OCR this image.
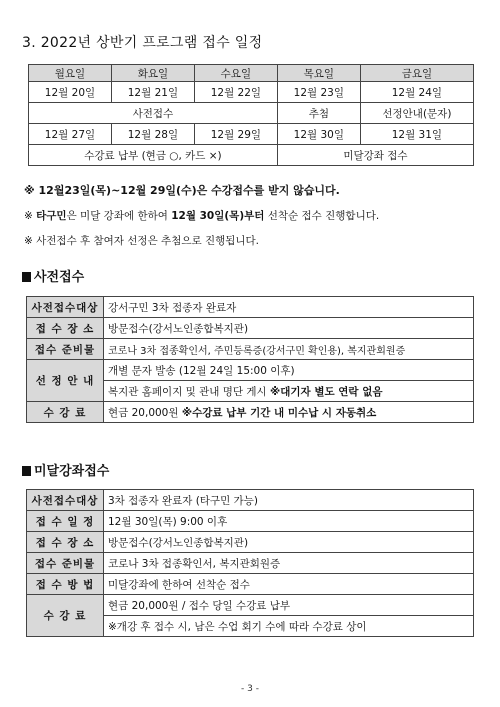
3. 2022년 상반기 프로그램 접수 일정
월요일	화요일	수요일	목요일	금요일
12월 20일	12월 21일	12월 22일	12월 23일	12월 24일
사전접수			추첨	선정안내(문자)
12월 27일	12월 28일	12월 29일	12월 30일	12월 31일
수강료 납부 (현금 ○, 카드 ×)			미달강좌 접수	
※ 12월23일(목)~12월 29일(수)은 수강접수를 받지 않습니다.
※ 타구민은 미달 강좌에 한하여 12월 30일(목)부터 선착순 접수 진행합니다.
※ 사전접수 후 참여자 선정은 추첨으로 진행됩니다.
사전접수
사전접수대상	강서구민 3차 접종자 완료자
접 수 장 소	방문접수(강서노인종합복지관)
접수 준비물	코로나 3차 접종확인서, 주민등록증(강서구민 확인용), 복지관회원증
선 정 안 내	개별 문자 발송 (12월 24일 15:00 이후)
	복지관 홈페이지 및 관내 명단 게시 ※대기자 별도 연락 없음
수 강 료	현금 20,000원 ※수강료 납부 기간 내 미수납 시 자동취소
미달강좌접수
사전접수대상	3차 접종자 완료자 (타구민 가능)
접 수 일 정	12월 30일(목) 9:00 이후
접 수 장 소	방문접수(강서노인종합복지관)
접수 준비물	코로나 3차 접종확인서, 복지관회원증
접 수 방 법	미달강좌에 한하여 선착순 접수
수 강 료	현금 20,000원 / 접수 당일 수강료 납부
	※개강 후 접수 시, 남은 수업 회기 수에 따라 수강료 상이
- 3 -
